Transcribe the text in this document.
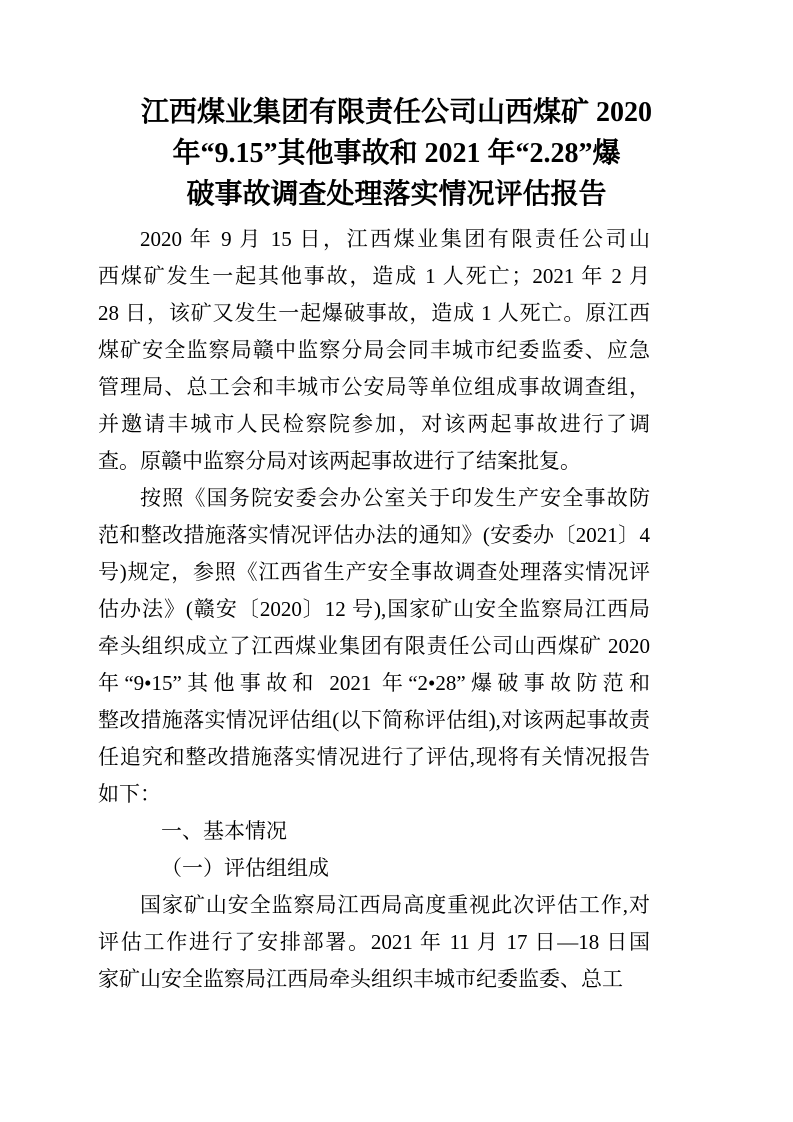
江西煤业集团有限责任公司山西煤矿 2020
年“9.15”其他事故和 2021 年“2.28”爆
破事故调查处理落实情况评估报告
2020 年 9 月 15 日，江西煤业集团有限责任公司山
西煤矿发生一起其他事故，造成 1 人死亡；2021 年 2 月
28 日，该矿又发生一起爆破事故，造成 1 人死亡。原江西
煤矿安全监察局赣中监察分局会同丰城市纪委监委、应急
管理局、总工会和丰城市公安局等单位组成事故调查组，
并邀请丰城市人民检察院参加，对该两起事故进行了调
查。原赣中监察分局对该两起事故进行了结案批复。
按照《国务院安委会办公室关于印发生产安全事故防
范和整改措施落实情况评估办法的通知》(安委办〔2021〕4
号)规定，参照《江西省生产安全事故调查处理落实情况评
估办法》(赣安〔2020〕12 号),国家矿山安全监察局江西局
牵头组织成立了江西煤业集团有限责任公司山西煤矿 2020
年“9•15”其他事故和 2021 年“2•28”爆破事故防范和
整改措施落实情况评估组(以下简称评估组),对该两起事故责
任追究和整改措施落实情况进行了评估,现将有关情况报告
如下：
一、基本情况
（一）评估组组成
国家矿山安全监察局江西局高度重视此次评估工作,对
评估工作进行了安排部署。2021 年 11 月 17 日—18 日国
家矿山安全监察局江西局牵头组织丰城市纪委监委、总工
